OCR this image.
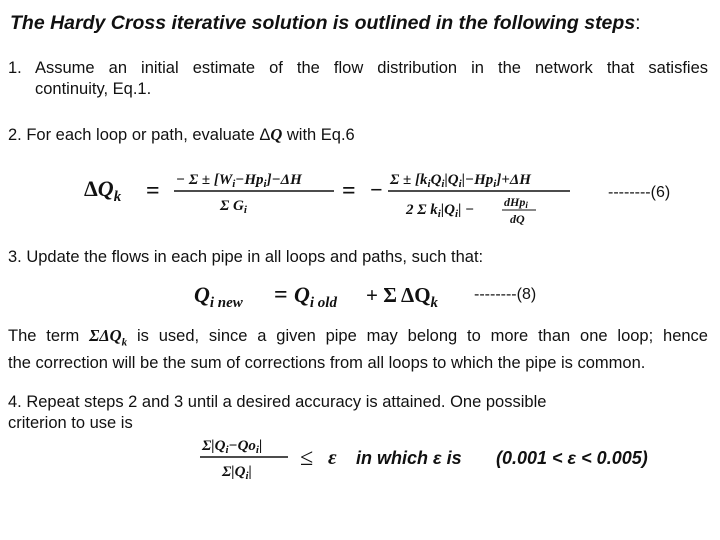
The Hardy Cross iterative solution is outlined in the following steps:
1. Assume an initial estimate of the flow distribution in the network that satisfies
continuity, Eq.1.
2. For each loop or path, evaluate ΔQ with Eq.6
$\Delta Q_k$ = − $\Sigma \pm [W_i-Hp_i]-\Delta H$
Σ $G_i$
= − $\Sigma \pm [k_iQ_i|Q_i|-Hp_i]+\Delta H$
2 Σ $k_i|Q_i|$ − dHpi
dQ
--------(6)
3. Update the flows in each pipe in all loops and paths, such that:
$Q_{i new} = Q_{i old} + \Sigma$ $\Delta Q_k$ --------(8)
The term $\Sigma\Delta Q_k$ is used, since a given pipe may belong to more than one loop; hence
the correction will be the sum of corrections from all loops to which the pipe is common.
4. Repeat steps 2 and 3 until a desired accuracy is attained. One possible
criterion to use is
$\Sigma|Q_i-Qo_i|$
$\Sigma|Q_i|$
≤ ε in which ε is (0.001 < ε < 0.005)
